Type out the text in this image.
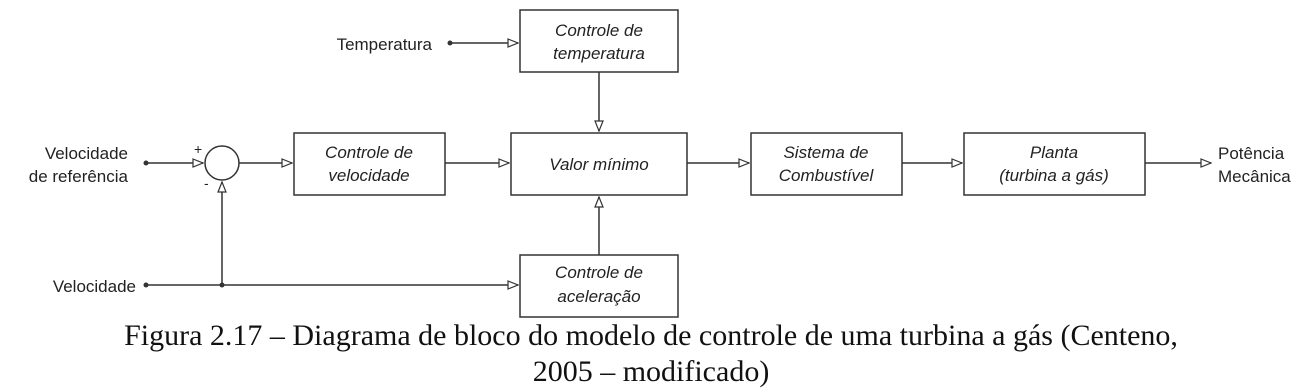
Controle de
temperatura
Controle de
velocidade
Valor mínimo
Controle de
aceleração
Sistema de
Combustível
Planta
(turbina a gás)
+
-
Temperatura
Velocidade
de referência
Velocidade
Potência
Mecânica
Figura 2.17 – Diagrama de bloco do modelo de controle de uma turbina a gás (Centeno,
2005 – modificado)
